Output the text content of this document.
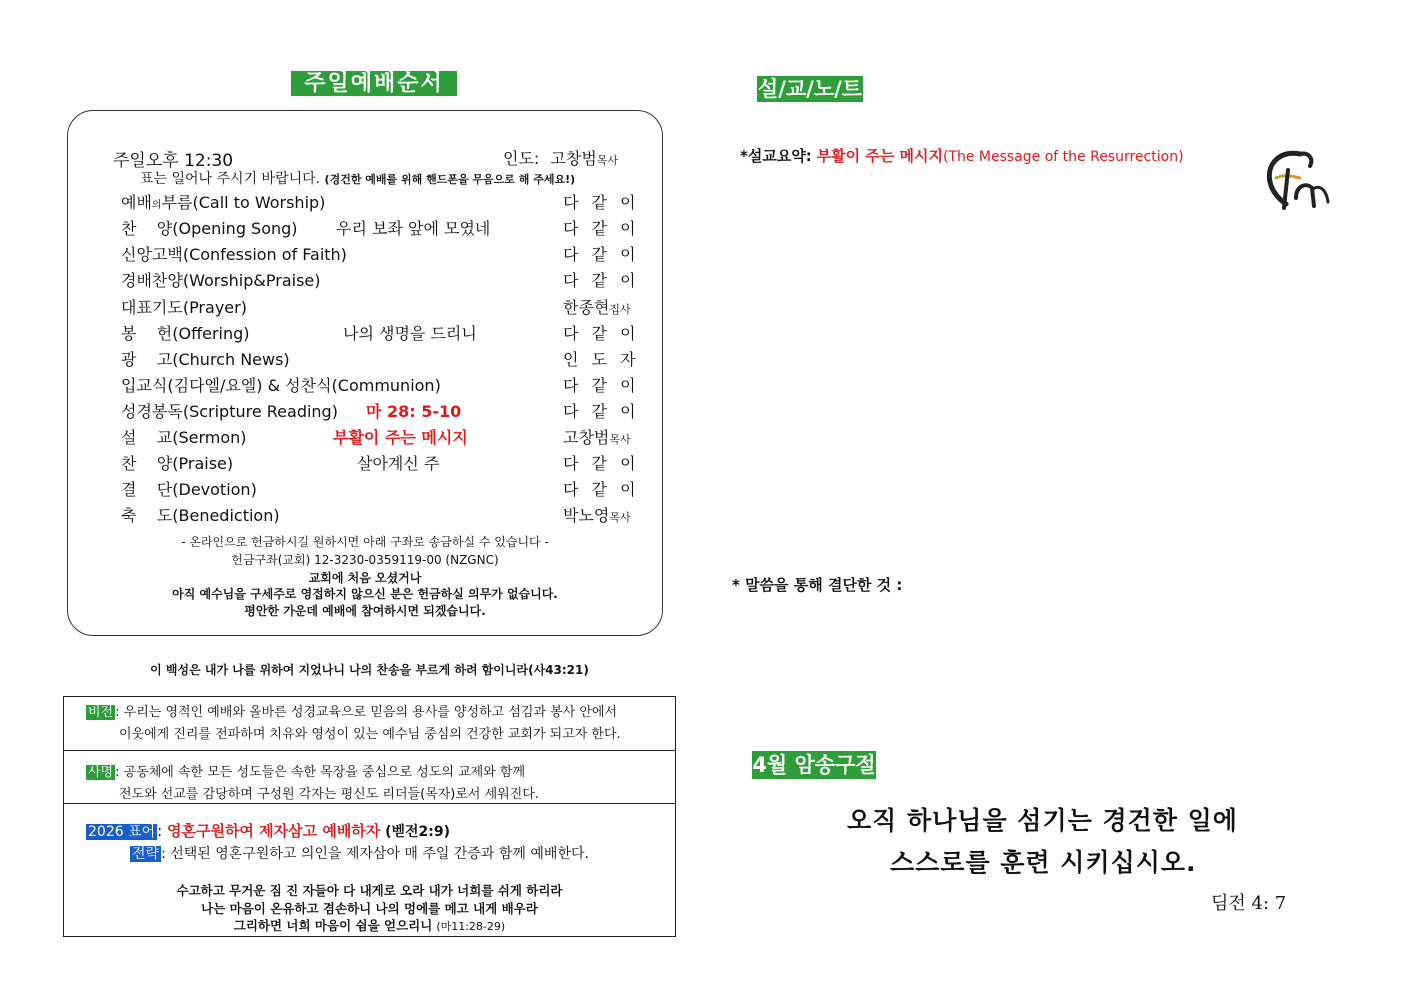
주일예배순서
주일오후 12:30	인도: 고창범목사
표는 일어나 주시기 바랍니다. (경건한 예배를 위해 핸드폰을 무음으로 해 주세요!)
예배의부름(Call to Worship)	다 같 이
찬    양(Opening Song) 우리 보좌 앞에 모였네	다 같 이
신앙고백(Confession of Faith)	다 같 이
경배찬양(Worship&Praise)	다 같 이
대표기도(Prayer)	한종현집사
봉    헌(Offering)	나의 생명을 드리니	다 같 이
광    고(Church News)	인 도 자
입교식(김다엘/요엘) & 성찬식(Communion)	다 같 이
성경봉독(Scripture Reading) 마 28: 5-10	다 같 이
설    교(Sermon)	부활이 주는 메시지	고창범목사
찬    양(Praise)	살아계신 주	다 같 이
결    단(Devotion)	다 같 이
축    도(Benediction)	박노영목사
- 온라인으로 헌금하시길 원하시면 아래 구좌로 송금하실 수 있습니다 -
헌금구좌(교회) 12-3230-0359119-00 (NZGNC)
교회에 처음 오셨거나
아직 예수님을 구세주로 영접하지 않으신 분은 헌금하실 의무가 없습니다.
평안한 가운데 예배에 참여하시면 되겠습니다.
이 백성은 내가 나를 위하여 지었나니 나의 찬송을 부르게 하려 함이니라(사43:21)
비전 : 우리는 영적인 예배와 올바른 성경교육으로 믿음의 용사를 양성하고 섬김과 봉사 안에서
이웃에게 진리를 전파하며 치유와 영성이 있는 예수님 중심의 건강한 교회가 되고자 한다.
사명 : 공동체에 속한 모든 성도들은 속한 목장을 중심으로 성도의 교제와 함께
전도와 선교를 감당하며 구성원 각자는 평신도 리더들(목자)로서 세워진다.
2026 표어 : 영혼구원하여 제자삼고 예배하자 (벧전2:9)
전략 : 선택된 영혼구원하고 의인을 제자삼아 매 주일 간증과 함께 예배한다.
수고하고 무거운 짐 진 자들아 다 내게로 오라 내가 너희를 쉬게 하리라
나는 마음이 온유하고 겸손하니 나의 멍에를 메고 내게 배우라
그리하면 너희 마음이 쉼을 얻으리니 (마11:28-29)
설/교/노/트
*설교요약: 부활이 주는 메시지(The Message of the Resurrection)
* 말씀을 통해 결단한 것 :
4월 암송구절
오직 하나님을 섬기는 경건한 일에
스스로를 훈련 시키십시오.
딤전 4: 7
